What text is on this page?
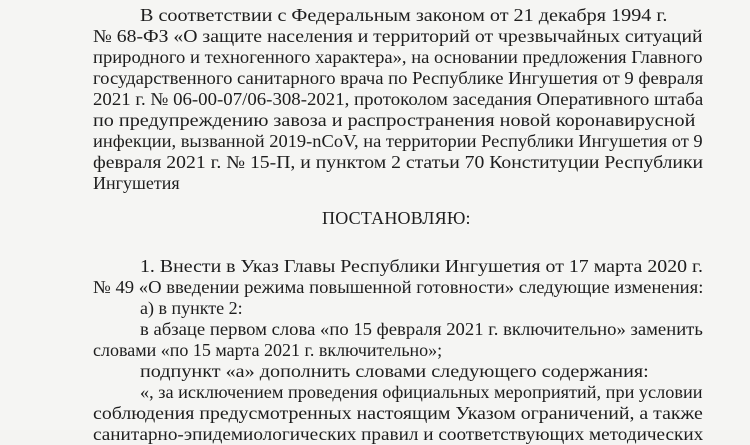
В соответствии с Федеральным законом от 21 декабря 1994 г.
№ 68-ФЗ «О защите населения и территорий от чрезвычайных ситуаций
природного и техногенного характера», на основании предложения Главного
государственного санитарного врача по Республике Ингушетия от 9 февраля
2021 г. № 06-00-07/06-308-2021, протоколом заседания Оперативного штаба
по предупреждению завоза и распространения новой коронавирусной
инфекции, вызванной 2019-nCoV, на территории Республики Ингушетия от 9
февраля 2021 г. № 15-П, и пунктом 2 статьи 70 Конституции Республики
Ингушетия
ПОСТАНОВЛЯЮ:
1. Внести в Указ Главы Республики Ингушетия от 17 марта 2020 г.
№ 49 «О введении режима повышенной готовности» следующие изменения:
а) в пункте 2:
в абзаце первом слова «по 15 февраля 2021 г. включительно» заменить
словами «по 15 марта 2021 г. включительно»;
подпункт «а» дополнить словами следующего содержания:
«, за исключением проведения официальных мероприятий, при условии
соблюдения предусмотренных настоящим Указом ограничений, а также
санитарно-эпидемиологических правил и соответствующих методических
